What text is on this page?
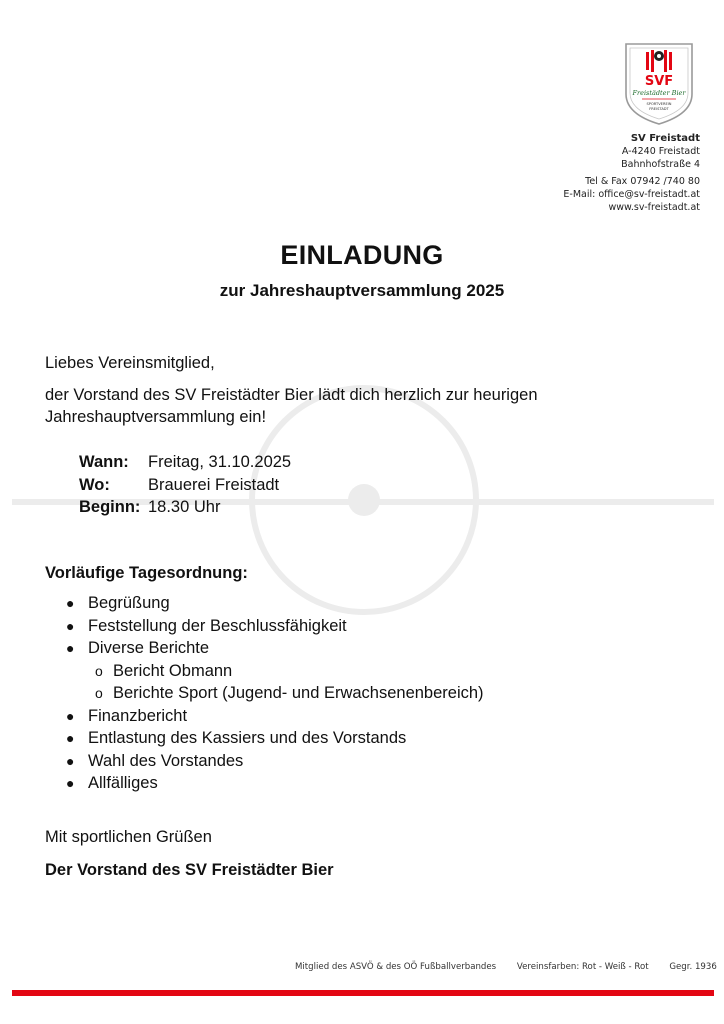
SVF
Freistädter Bier
SPORTVEREIN
FREISTADT
SV Freistadt
A-4240 Freistadt
Bahnhofstraße 4
Tel & Fax 07942 /740 80
E-Mail: office@sv-freistadt.at
www.sv-freistadt.at
EINLADUNG
zur Jahreshauptversammlung 2025
Liebes Vereinsmitglied,
der Vorstand des SV Freistädter Bier lädt dich herzlich zur heurigen Jahreshauptversammlung ein!
Wann:	Freitag, 31.10.2025
Wo:	Brauerei Freistadt
Beginn: 18.30 Uhr
Vorläufige Tagesordnung:
● Begrüßung
● Feststellung der Beschlussfähigkeit
● Diverse Berichte
o Bericht Obmann
o Berichte Sport (Jugend- und Erwachsenenbereich)
● Finanzbericht
● Entlastung des Kassiers und des Vorstands
● Wahl des Vorstandes
● Allfälliges
Mit sportlichen Grüßen
Der Vorstand des SV Freistädter Bier
Mitglied des ASVÖ & des OÖ Fußballverbandes Vereinsfarben: Rot - Weiß - Rot Gegr. 1936
